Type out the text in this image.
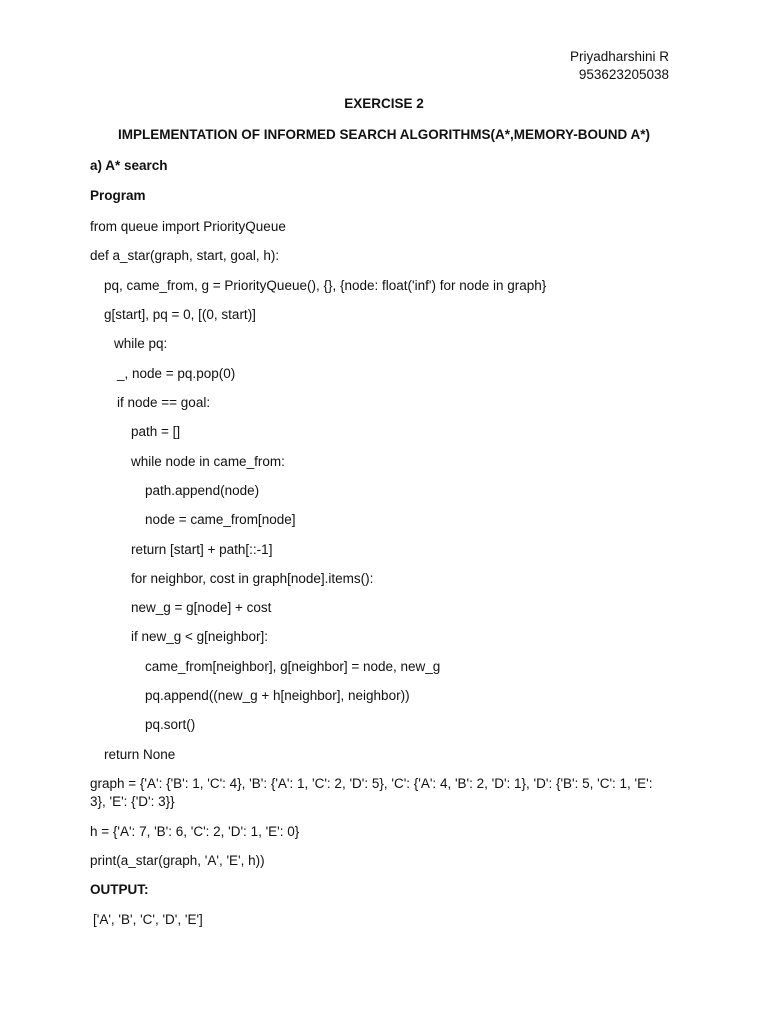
Priyadharshini R
953623205038
EXERCISE 2
IMPLEMENTATION OF INFORMED SEARCH ALGORITHMS(A*,MEMORY-BOUND A*)
a) A* search
Program
from queue import PriorityQueue
def a_star(graph, start, goal, h):
pq, came_from, g = PriorityQueue(), {}, {node: float('inf') for node in graph}
g[start], pq = 0, [(0, start)]
while pq:
_, node = pq.pop(0)
if node == goal:
path = []
while node in came_from:
path.append(node)
node = came_from[node]
return [start] + path[::-1]
for neighbor, cost in graph[node].items():
new_g = g[node] + cost
if new_g < g[neighbor]:
came_from[neighbor], g[neighbor] = node, new_g
pq.append((new_g + h[neighbor], neighbor))
pq.sort()
return None
graph = {'A': {'B': 1, 'C': 4}, 'B': {'A': 1, 'C': 2, 'D': 5}, 'C': {'A': 4, 'B': 2, 'D': 1}, 'D': {'B': 5, 'C': 1, 'E': 3}, 'E': {'D': 3}}
h = {'A': 7, 'B': 6, 'C': 2, 'D': 1, 'E': 0}
print(a_star(graph, 'A', 'E', h))
OUTPUT:
['A', 'B', 'C', 'D', 'E']
